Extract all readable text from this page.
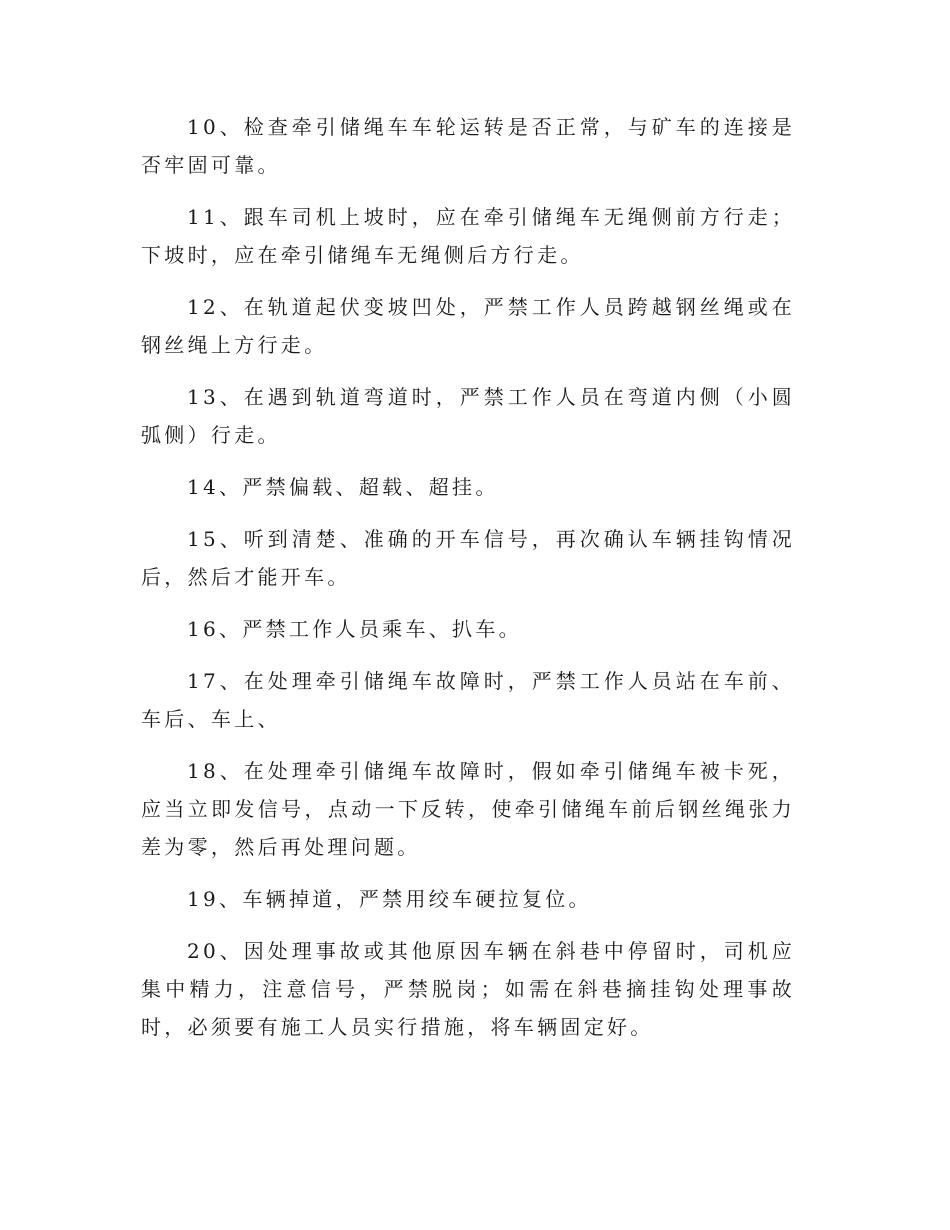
10、检查牵引储绳车车轮运转是否正常，与矿车的连接是否牢固可靠。

11、跟车司机上坡时，应在牵引储绳车无绳侧前方行走；下坡时，应在牵引储绳车无绳侧后方行走。

12、在轨道起伏变坡凹处，严禁工作人员跨越钢丝绳或在钢丝绳上方行走。

13、在遇到轨道弯道时，严禁工作人员在弯道内侧（小圆弧侧）行走。

14、严禁偏载、超载、超挂。

15、听到清楚、准确的开车信号，再次确认车辆挂钩情况后，然后才能开车。

16、严禁工作人员乘车、扒车。

17、在处理牵引储绳车故障时，严禁工作人员站在车前、车后、车上、

18、在处理牵引储绳车故障时，假如牵引储绳车被卡死，应当立即发信号，点动一下反转，使牵引储绳车前后钢丝绳张力差为零，然后再处理问题。

19、车辆掉道，严禁用绞车硬拉复位。

20、因处理事故或其他原因车辆在斜巷中停留时，司机应集中精力，注意信号，严禁脱岗；如需在斜巷摘挂钩处理事故时，必须要有施工人员实行措施，将车辆固定好。
